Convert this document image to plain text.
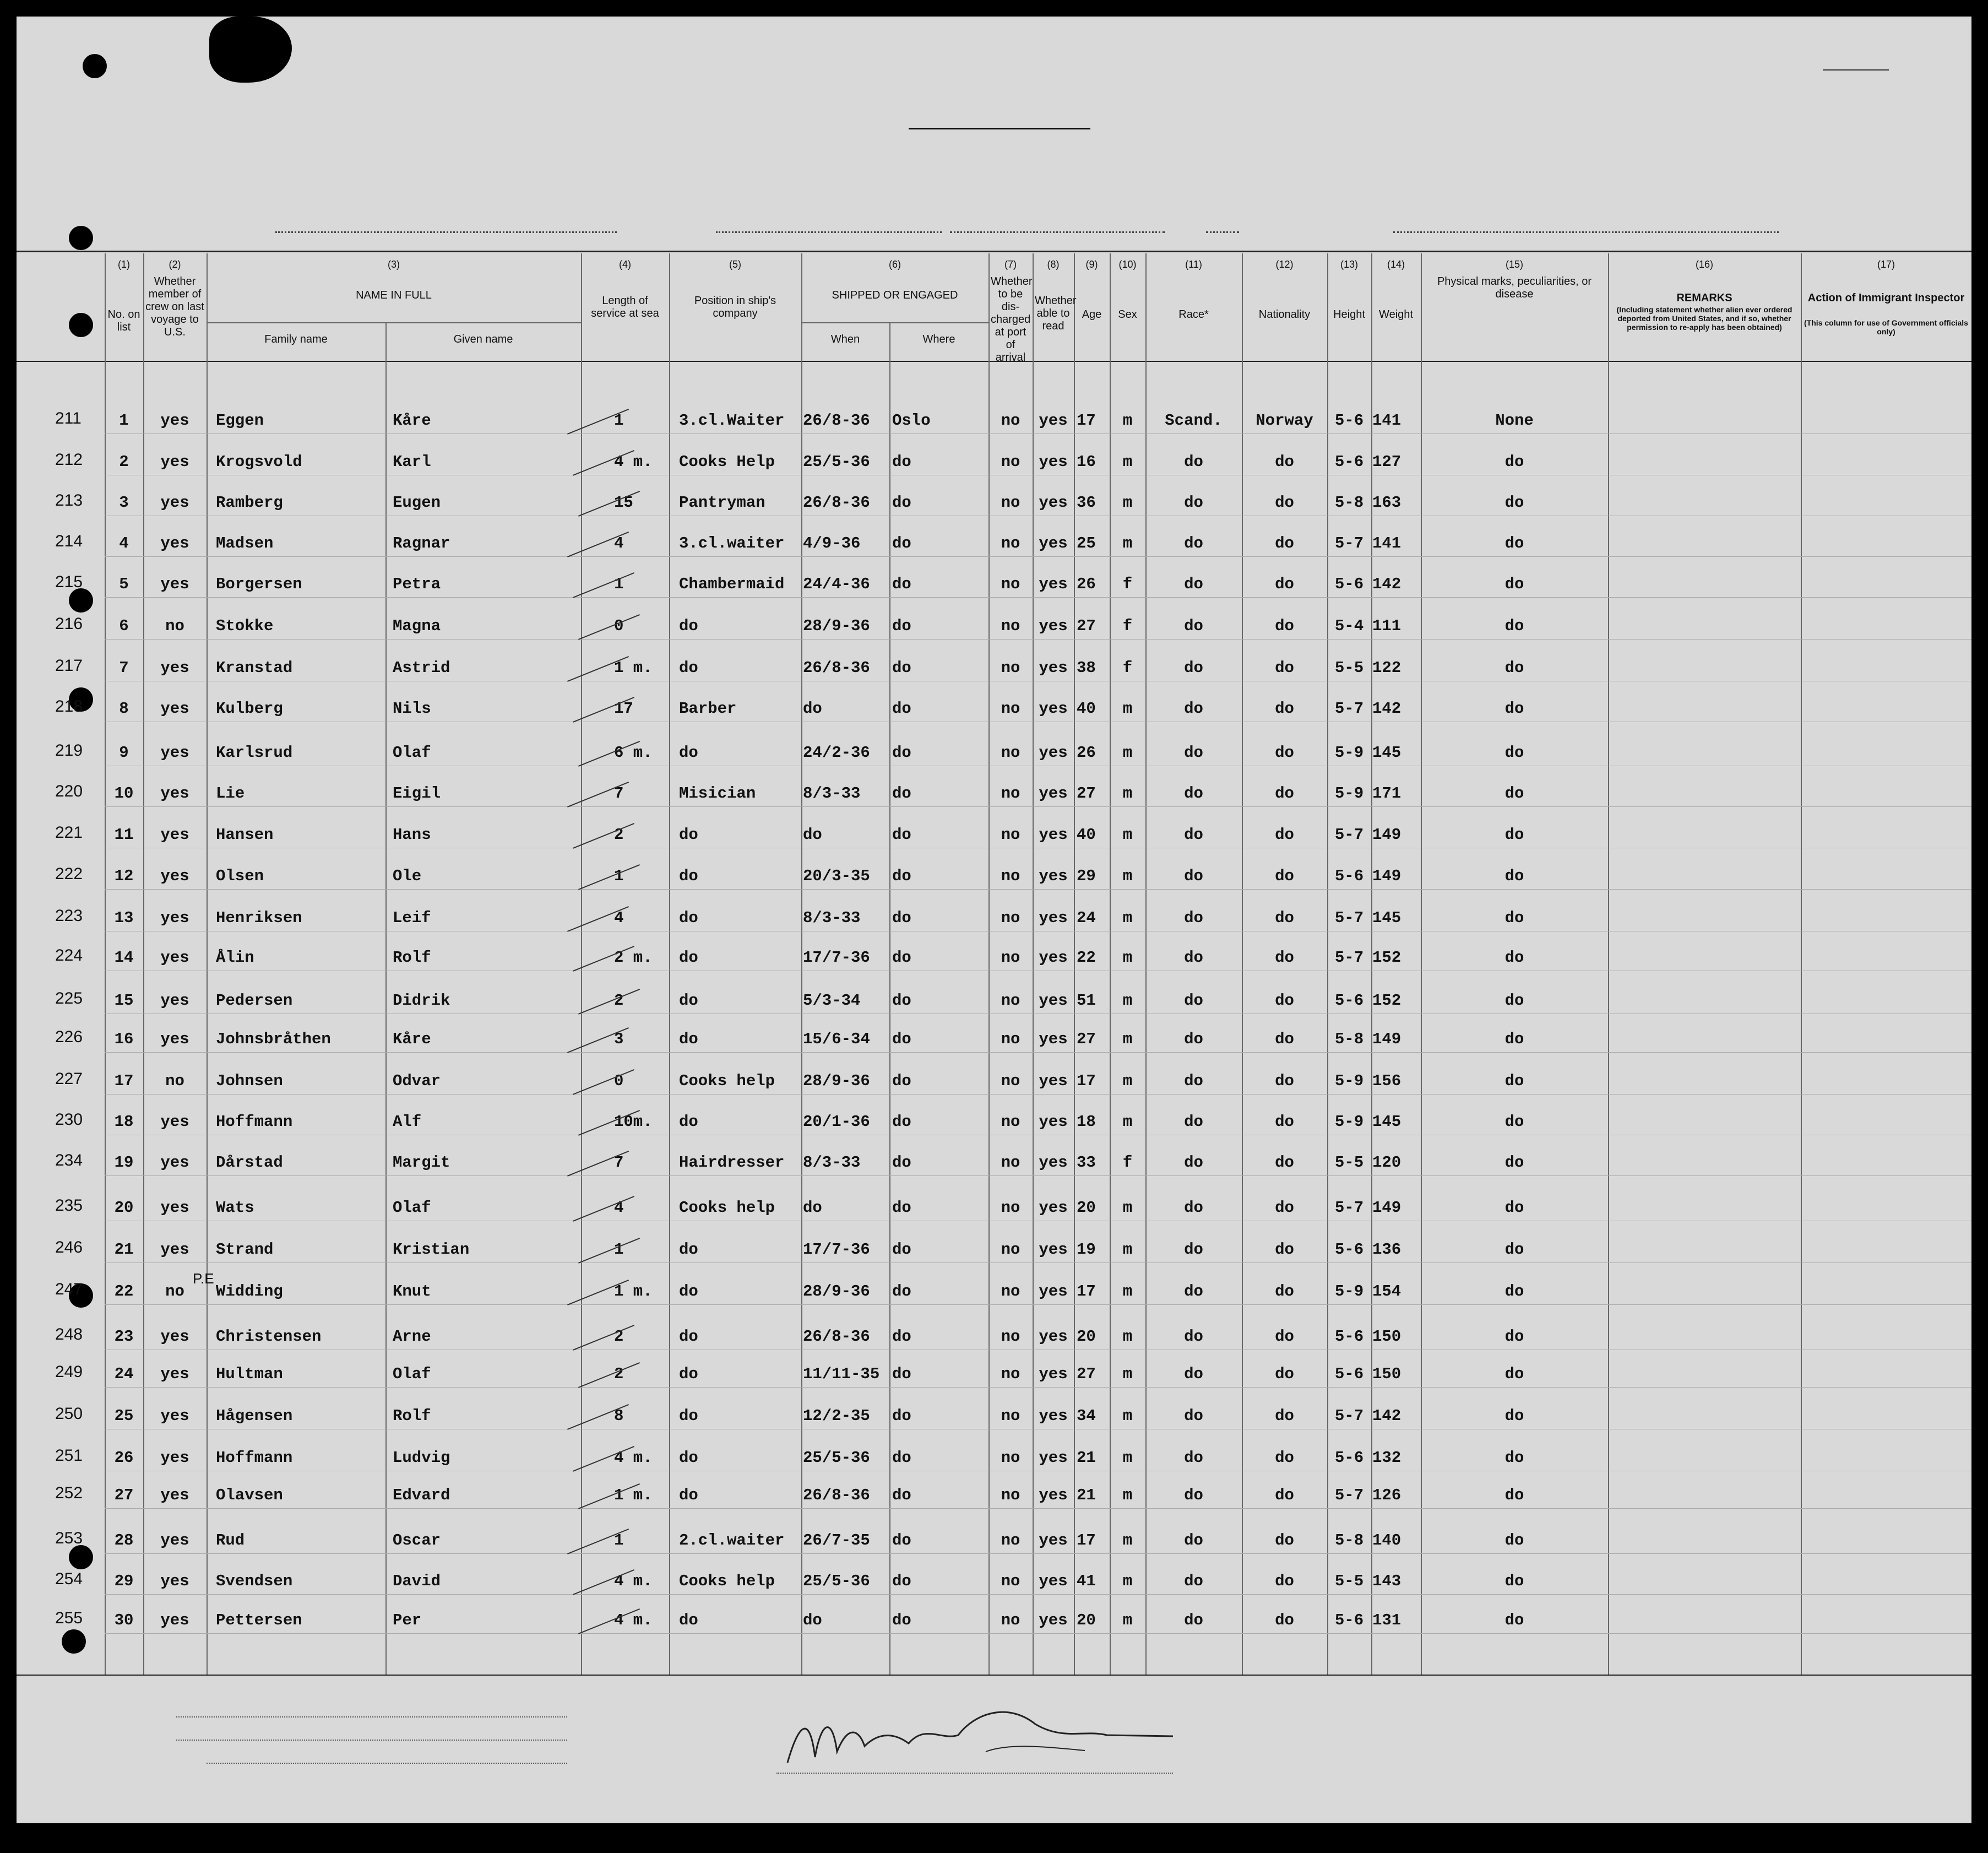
(1)
No. on list
(2)
Whether member of crew on last voyage to U.S.
(3)
NAME IN FULL
Family name	Given name
(4)
Length of service at sea
(5)
Position in ship's company
(6)
SHIPPED OR ENGAGED
When	Where
(7)
Whether to be dis-charged at port of arrival
(8)
Whether able to read
(9)
Age
(10)
Sex
(11)
Race*
(12)
Nationality
(13)
Height
(14)
Weight
(15)
Physical marks, peculiarities, or disease
(16)
REMARKS
(Including statement whether alien ever ordered deported from United States, and if so, whether permission to re-apply has been obtained)
(17)
Action of Immigrant Inspector
(This column for use of Government officials only)
211	1	yes	Eggen	Kåre	1	3.cl.Waiter	26/8-36	Oslo	no	yes 17	m	Scand.	Norway	5-6 141	None
212	2	yes	Krogsvold	Karl	4 m.	Cooks Help	25/5-36	do	no	yes 16	m	do	do	5-6 127	do
213	3	yes	Ramberg	Eugen	15	Pantryman	26/8-36	do	no	yes 36	m	do	do	5-8 163	do
214	4	yes	Madsen	Ragnar	4	3.cl.waiter	4/9-36	do	no	yes 25	m	do	do	5-7 141	do
215	5	yes	Borgersen	Petra	1	Chambermaid	24/4-36	do	no	yes 26	f	do	do	5-6 142	do
216	6	no	Stokke	Magna	0	do	28/9-36	do	no	yes 27	f	do	do	5-4 111	do
217	7	yes	Kranstad	Astrid	1 m.	do	26/8-36	do	no	yes 38	f	do	do	5-5 122	do
218	8	yes	Kulberg	Nils	17	Barber	do	do	no	yes 40	m	do	do	5-7 142	do
219	9	yes	Karlsrud	Olaf	6 m.	do	24/2-36	do	no	yes 26	m	do	do	5-9 145	do
220	10	yes	Lie	Eigil	7	Misician	8/3-33	do	no	yes 27	m	do	do	5-9 171	do
221	11	yes	Hansen	Hans	2	do	do	do	no	yes 40	m	do	do	5-7 149	do
222	12	yes	Olsen	Ole	1	do	20/3-35	do	no	yes 29	m	do	do	5-6 149	do
223	13	yes	Henriksen	Leif	4	do	8/3-33	do	no	yes 24	m	do	do	5-7 145	do
224	14	yes	Ålin	Rolf	2 m.	do	17/7-36	do	no	yes 22	m	do	do	5-7 152	do
225	15	yes	Pedersen	Didrik	2	do	5/3-34	do	no	yes 51	m	do	do	5-6 152	do
226	16	yes	Johnsbråthen	Kåre	3	do	15/6-34	do	no	yes 27	m	do	do	5-8 149	do
227	17	no	Johnsen	Odvar	0	Cooks help	28/9-36	do	no	yes 17	m	do	do	5-9 156	do
230	18	yes	Hoffmann	Alf	10m.	do	20/1-36	do	no	yes 18	m	do	do	5-9 145	do
234	19	yes	Dårstad	Margit	7	Hairdresser	8/3-33	do	no	yes 33	f	do	do	5-5 120	do
235	20	yes	Wats	Olaf	4	Cooks help	do	do	no	yes 20	m	do	do	5-7 149	do
246	21	yes	Strand	Kristian	1	do	17/7-36	do	no	yes 19	m	do	do	5-6 136	do
247	22	no	Widding	Knut	1 m.	do	28/9-36	do	no	yes 17	m	do	do	5-9 154	do
P.E
248	23	yes	Christensen	Arne	2	do	26/8-36	do	no	yes 20	m	do	do	5-6 150	do
249	24	yes	Hultman	Olaf	2	do	11/11-35 do	no	yes 27	m	do	do	5-6 150	do
250	25	yes	Hågensen	Rolf	8	do	12/2-35	do	no	yes 34	m	do	do	5-7 142	do
251	26	yes	Hoffmann	Ludvig	4 m.	do	25/5-36	do	no	yes 21	m	do	do	5-6 132	do
252	27	yes	Olavsen	Edvard	1 m.	do	26/8-36	do	no	yes 21	m	do	do	5-7 126	do
253	28	yes	Rud	Oscar	1	2.cl.waiter	26/7-35	do	no	yes 17	m	do	do	5-8 140	do
254	29	yes	Svendsen	David	4 m.	Cooks help	25/5-36	do	no	yes 41	m	do	do	5-5 143	do
255	30	yes	Pettersen	Per	4 m.	do	do	do	no	yes 20	m	do	do	5-6 131	do
